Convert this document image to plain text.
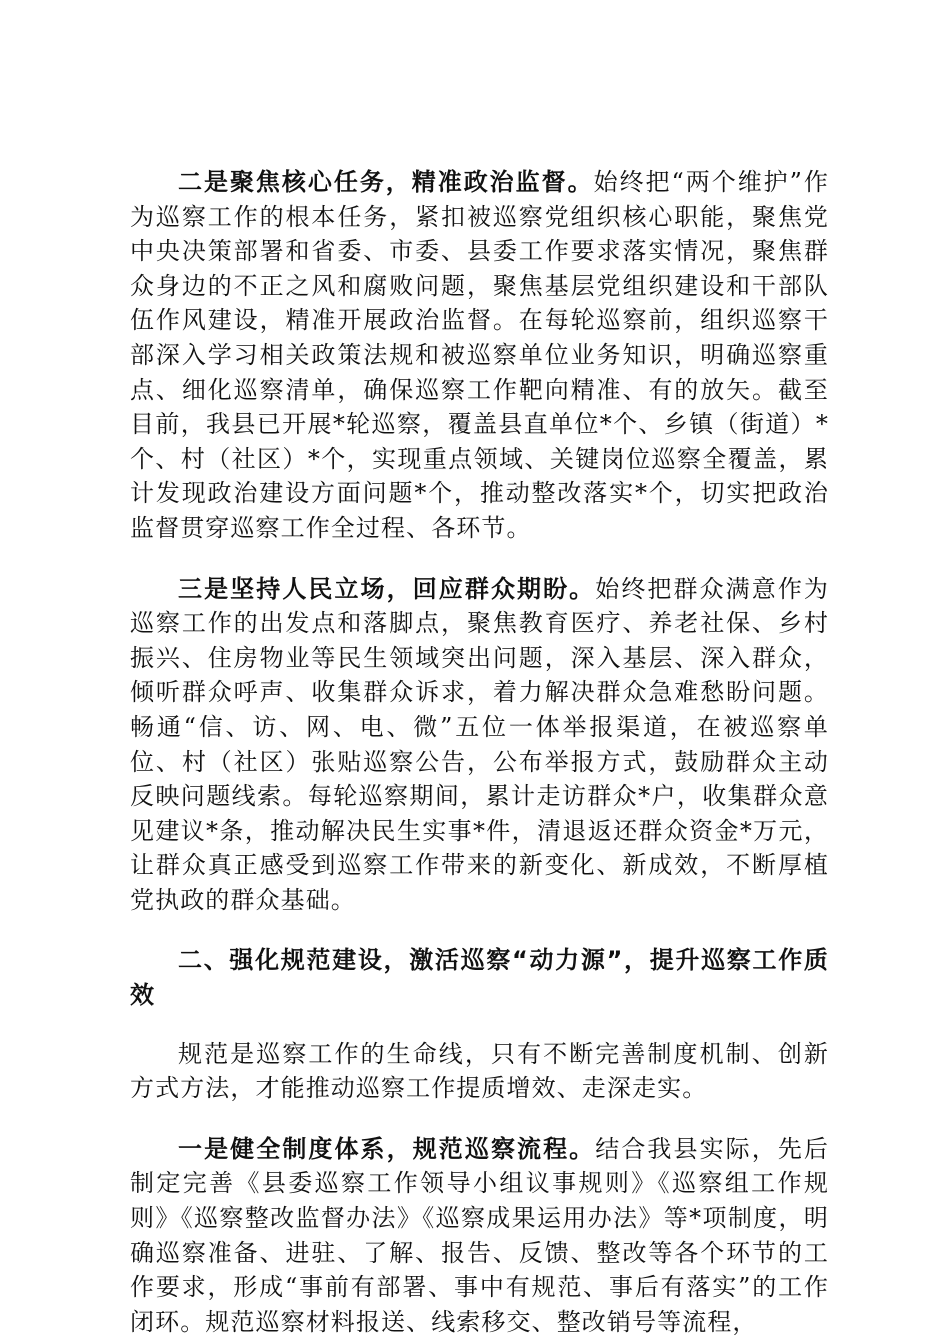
二是聚焦核心任务，精准政治监督。始终把“两个维护”作为巡察工作的根本任务，紧扣被巡察党组织核心职能，聚焦党中央决策部署和省委、市委、县委工作要求落实情况，聚焦群众身边的不正之风和腐败问题，聚焦基层党组织建设和干部队伍作风建设，精准开展政治监督。在每轮巡察前，组织巡察干部深入学习相关政策法规和被巡察单位业务知识，明确巡察重点、细化巡察清单，确保巡察工作靶向精准、有的放矢。截至目前，我县已开展*轮巡察，覆盖县直单位*个、乡镇（街道）*个、村（社区）*个，实现重点领域、关键岗位巡察全覆盖，累计发现政治建设方面问题*个，推动整改落实*个，切实把政治监督贯穿巡察工作全过程、各环节。

三是坚持人民立场，回应群众期盼。始终把群众满意作为巡察工作的出发点和落脚点，聚焦教育医疗、养老社保、乡村振兴、住房物业等民生领域突出问题，深入基层、深入群众，倾听群众呼声、收集群众诉求，着力解决群众急难愁盼问题。畅通“信、访、网、电、微”五位一体举报渠道，在被巡察单位、村（社区）张贴巡察公告，公布举报方式，鼓励群众主动反映问题线索。每轮巡察期间，累计走访群众*户，收集群众意见建议*条，推动解决民生实事*件，清退返还群众资金*万元，让群众真正感受到巡察工作带来的新变化、新成效，不断厚植党执政的群众基础。

二、强化规范建设，激活巡察“动力源”，提升巡察工作质效

规范是巡察工作的生命线，只有不断完善制度机制、创新方式方法，才能推动巡察工作提质增效、走深走实。

一是健全制度体系，规范巡察流程。结合我县实际，先后制定完善《县委巡察工作领导小组议事规则》《巡察组工作规则》《巡察整改监督办法》《巡察成果运用办法》等*项制度，明确巡察准备、进驻、了解、报告、反馈、整改等各个环节的工作要求，形成“事前有部署、事中有规范、事后有落实”的工作闭环。规范巡察材料报送、线索移交、整改销号等流程，
